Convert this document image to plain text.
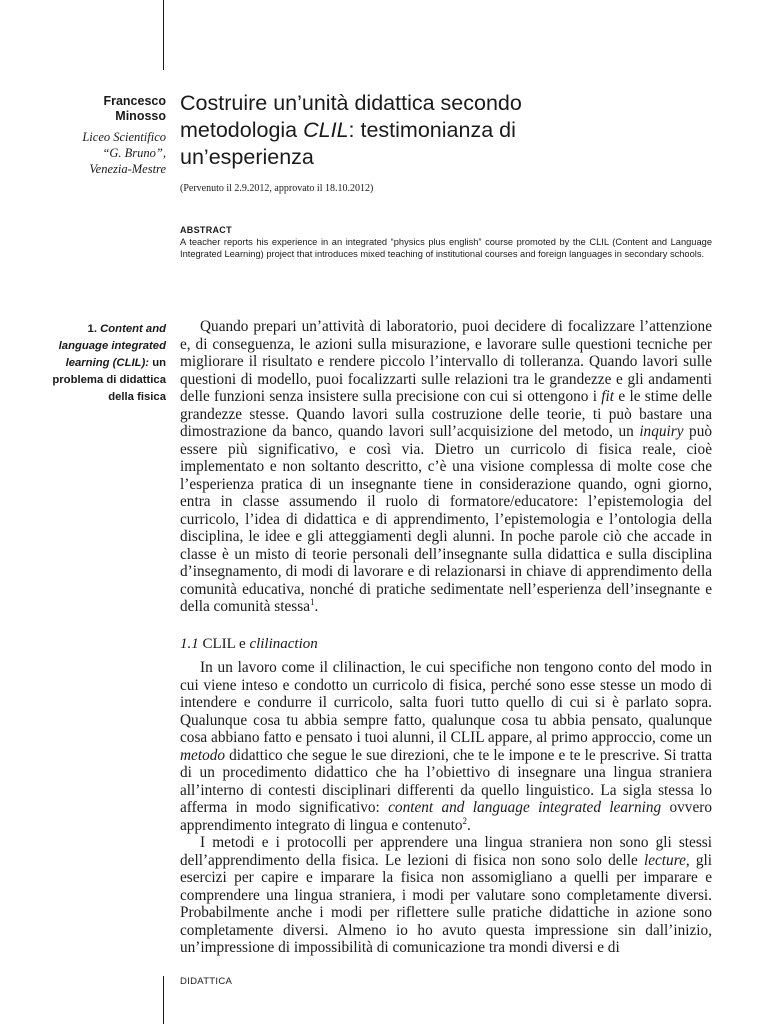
Francesco
Minosso
Liceo Scientifico
“G. Bruno”,
Venezia-Mestre
Costruire un’unità didattica secondo
metodologia CLIL: testimonianza di
un’esperienza
(Pervenuto il 2.9.2012, approvato il 18.10.2012)
ABSTRACT
A teacher reports his experience in an integrated “physics plus english” course promoted by the CLIL (Content and Language Integrated Learning) project that introduces mixed teaching of institutional courses and foreign languages in secondary schools.
1. Content and language integrated learning (CLIL): un problema di didattica della fisica

Quando prepari un’attività di laboratorio, puoi decidere di focalizzare l’attenzione e, di conseguenza, le azioni sulla misurazione, e lavorare sulle questioni tecniche per migliorare il risultato e rendere piccolo l’intervallo di tolleranza. Quando lavori sulle questioni di modello, puoi focalizzarti sulle relazioni tra le grandezze e gli andamenti delle funzioni senza insistere sulla precisione con cui si ottengono i fit e le stime delle grandezze stesse. Quando lavori sulla costruzione delle teorie, ti può bastare una dimostrazione da banco, quando lavori sull’acquisizione del metodo, un inquiry può essere più significativo, e così via. Dietro un curricolo di fisica reale, cioè implementato e non soltanto descritto, c’è una visione complessa di molte cose che l’esperienza pratica di un insegnante tiene in considerazione quando, ogni giorno, entra in classe assumendo il ruolo di formatore/educatore: l’epistemologia del curricolo, l’idea di didattica e di apprendimento, l’epistemologia e l’ontologia della disciplina, le idee e gli atteggiamenti degli alunni. In poche parole ciò che accade in classe è un misto di teorie personali dell’insegnante sulla didattica e sulla disciplina d’insegnamento, di modi di lavorare e di relazionarsi in chiave di apprendimento della comunità educativa, nonché di pratiche sedimentate nell’esperienza dell’insegnante e della comunità stessa$^1$.

1.1 CLIL e clilinaction

In un lavoro come il clilinaction, le cui specifiche non tengono conto del modo in cui viene inteso e condotto un curricolo di fisica, perché sono esse stesse un modo di intendere e condurre il curricolo, salta fuori tutto quello di cui si è parlato sopra. Qualunque cosa tu abbia sempre fatto, qualunque cosa tu abbia pensato, qualunque cosa abbiano fatto e pensato i tuoi alunni, il CLIL appare, al primo approccio, come un metodo didattico che segue le sue direzioni, che te le impone e te le prescrive. Si tratta di un procedimento didattico che ha l’obiettivo di insegnare una lingua straniera all’interno di contesti disciplinari differenti da quello linguistico. La sigla stessa lo afferma in modo significativo: content and language integrated learning ovvero apprendimento integrato di lingua e contenuto$^2$.

I metodi e i protocolli per apprendere una lingua straniera non sono gli stessi dell’apprendimento della fisica. Le lezioni di fisica non sono solo delle lecture, gli esercizi per capire e imparare la fisica non assomigliano a quelli per imparare e comprendere una lingua straniera, i modi per valutare sono completamente diversi. Probabilmente anche i modi per riflettere sulle pratiche didattiche in azione sono completamente diversi. Almeno io ho avuto questa impressione sin dall’inizio, un’impressione di impossibilità di comunicazione tra mondi diversi e di

DIDATTICA
